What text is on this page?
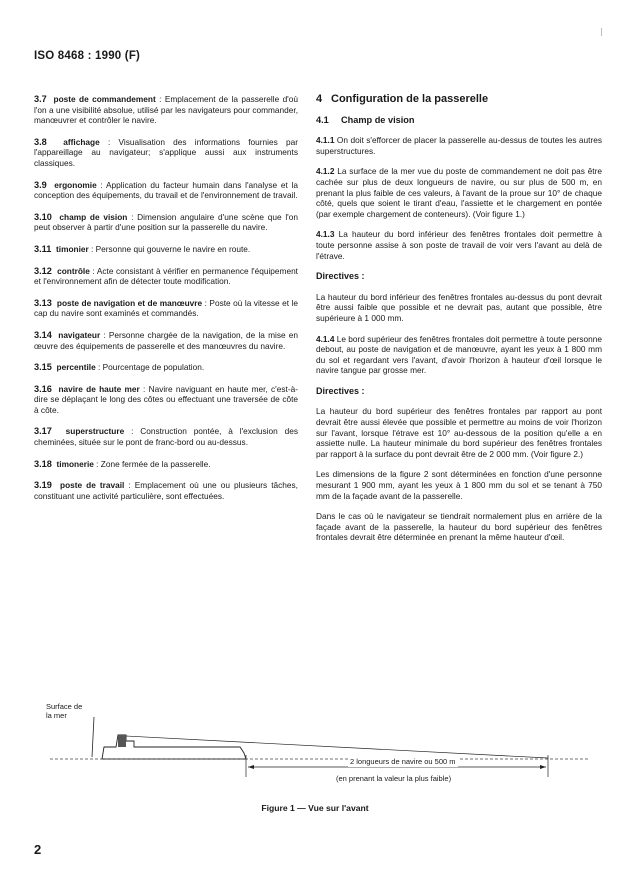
ISO 8468 : 1990 (F)
3.7 poste de commandement : Emplacement de la passerelle d'où l'on a une visibilité absolue, utilisé par les navigateurs pour commander, manœuvrer et contrôler le navire.
3.8 affichage : Visualisation des informations fournies par l'appareillage au navigateur; s'applique aussi aux instruments classiques.
3.9 ergonomie : Application du facteur humain dans l'analyse et la conception des équipements, du travail et de l'environnement de travail.
3.10 champ de vision : Dimension angulaire d'une scène que l'on peut observer à partir d'une position sur la passerelle du navire.
3.11 timonier : Personne qui gouverne le navire en route.
3.12 contrôle : Acte consistant à vérifier en permanence l'équipement et l'environnement afin de détecter toute modification.
3.13 poste de navigation et de manœuvre : Poste où la vitesse et le cap du navire sont examinés et commandés.
3.14 navigateur : Personne chargée de la navigation, de la mise en œuvre des équipements de passerelle et des manœuvres du navire.
3.15 percentile : Pourcentage de population.
3.16 navire de haute mer : Navire naviguant en haute mer, c'est-à-dire se déplaçant le long des côtes ou effectuant une traversée de côte à côte.
3.17 superstructure : Construction pontée, à l'exclusion des cheminées, située sur le pont de franc-bord ou au-dessus.
3.18 timonerie : Zone fermée de la passerelle.
3.19 poste de travail : Emplacement où une ou plusieurs tâches, constituant une activité particulière, sont effectuées.
4 Configuration de la passerelle
4.1 Champ de vision
4.1.1 On doit s'efforcer de placer la passerelle au-dessus de toutes les autres superstructures.
4.1.2 La surface de la mer vue du poste de commandement ne doit pas être cachée sur plus de deux longueurs de navire, ou sur plus de 500 m, en prenant la plus faible de ces valeurs, à l'avant de la proue sur 10° de chaque côté, quels que soient le tirant d'eau, l'assiette et le chargement en pontée (par exemple chargement de conteneurs). (Voir figure 1.)
4.1.3 La hauteur du bord inférieur des fenêtres frontales doit permettre à toute personne assise à son poste de travail de voir vers l'avant au delà de l'étrave.
Directives :
La hauteur du bord inférieur des fenêtres frontales au-dessus du pont devrait être aussi faible que possible et ne devrait pas, autant que possible, être supérieure à 1 000 mm.
4.1.4 Le bord supérieur des fenêtres frontales doit permettre à toute personne debout, au poste de navigation et de manœuvre, ayant les yeux à 1 800 mm du sol et regardant vers l'avant, d'avoir l'horizon à hauteur d'œil lorsque le navire tangue par grosse mer.
Directives :
La hauteur du bord supérieur des fenêtres frontales par rapport au pont devrait être aussi élevée que possible et permettre au moins de voir l'horizon sur l'avant, lorsque l'étrave est 10° au-dessous de la position qu'elle a en assiette nulle. La hauteur minimale du bord supérieur des fenêtres frontales par rapport à la surface du pont devrait être de 2 000 mm. (Voir figure 2.)
Les dimensions de la figure 2 sont déterminées en fonction d'une personne mesurant 1 900 mm, ayant les yeux à 1 800 mm du sol et se tenant à 750 mm de la façade avant de la passerelle.
Dans le cas où le navigateur se tiendrait normalement plus en arrière de la façade avant de la passerelle, la hauteur du bord supérieur des fenêtres frontales devrait être déterminée en prenant la même hauteur d'œil.
Surface de
la mer
2 longueurs de navire ou 500 m
(en prenant la valeur la plus faible)
Figure 1 — Vue sur l'avant
2
